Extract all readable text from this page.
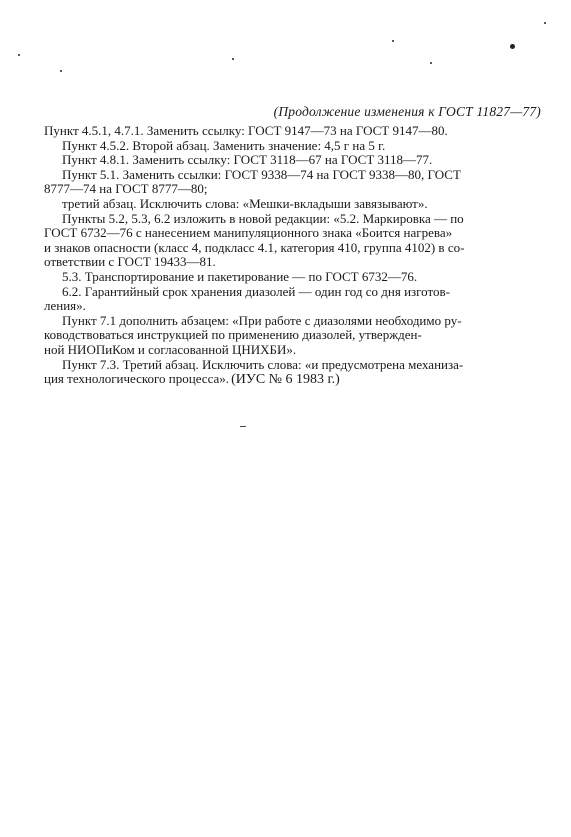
(Продолжение изменения к ГОСТ 11827—77)
Пункт 4.5.1, 4.7.1. Заменить ссылку: ГОСТ 9147—73 на ГОСТ 9147—80.
Пункт 4.5.2. Второй абзац. Заменить значение: 4,5 г на 5 г.
Пункт 4.8.1. Заменить ссылку: ГОСТ 3118—67 на ГОСТ 3118—77.
Пункт 5.1. Заменить ссылки: ГОСТ 9338—74 на ГОСТ 9338—80, ГОСТ
8777—74 на ГОСТ 8777—80;
третий абзац. Исключить слова: «Мешки-вкладыши завязывают».
Пункты 5.2, 5.3, 6.2 изложить в новой редакции: «5.2. Маркировка — по
ГОСТ 6732—76 с нанесением манипуляционного знака «Боится нагрева»
и знаков опасности (класс 4, подкласс 4.1, категория 410, группа 4102) в со-
ответствии с ГОСТ 19433—81.
5.3. Транспортирование и пакетирование — по ГОСТ 6732—76.
6.2. Гарантийный срок хранения диазолей — один год со дня изготов-
ления».
Пункт 7.1 дополнить абзацем: «При работе с диазолями необходимо ру-
ководствоваться инструкцией по применению диазолей, утвержден-
ной НИОПиКом и согласованной ЦНИХБИ».
Пункт 7.3. Третий абзац. Исключить слова: «и предусмотрена механиза-
ция технологического процесса». (ИУС № 6 1983 г.)
